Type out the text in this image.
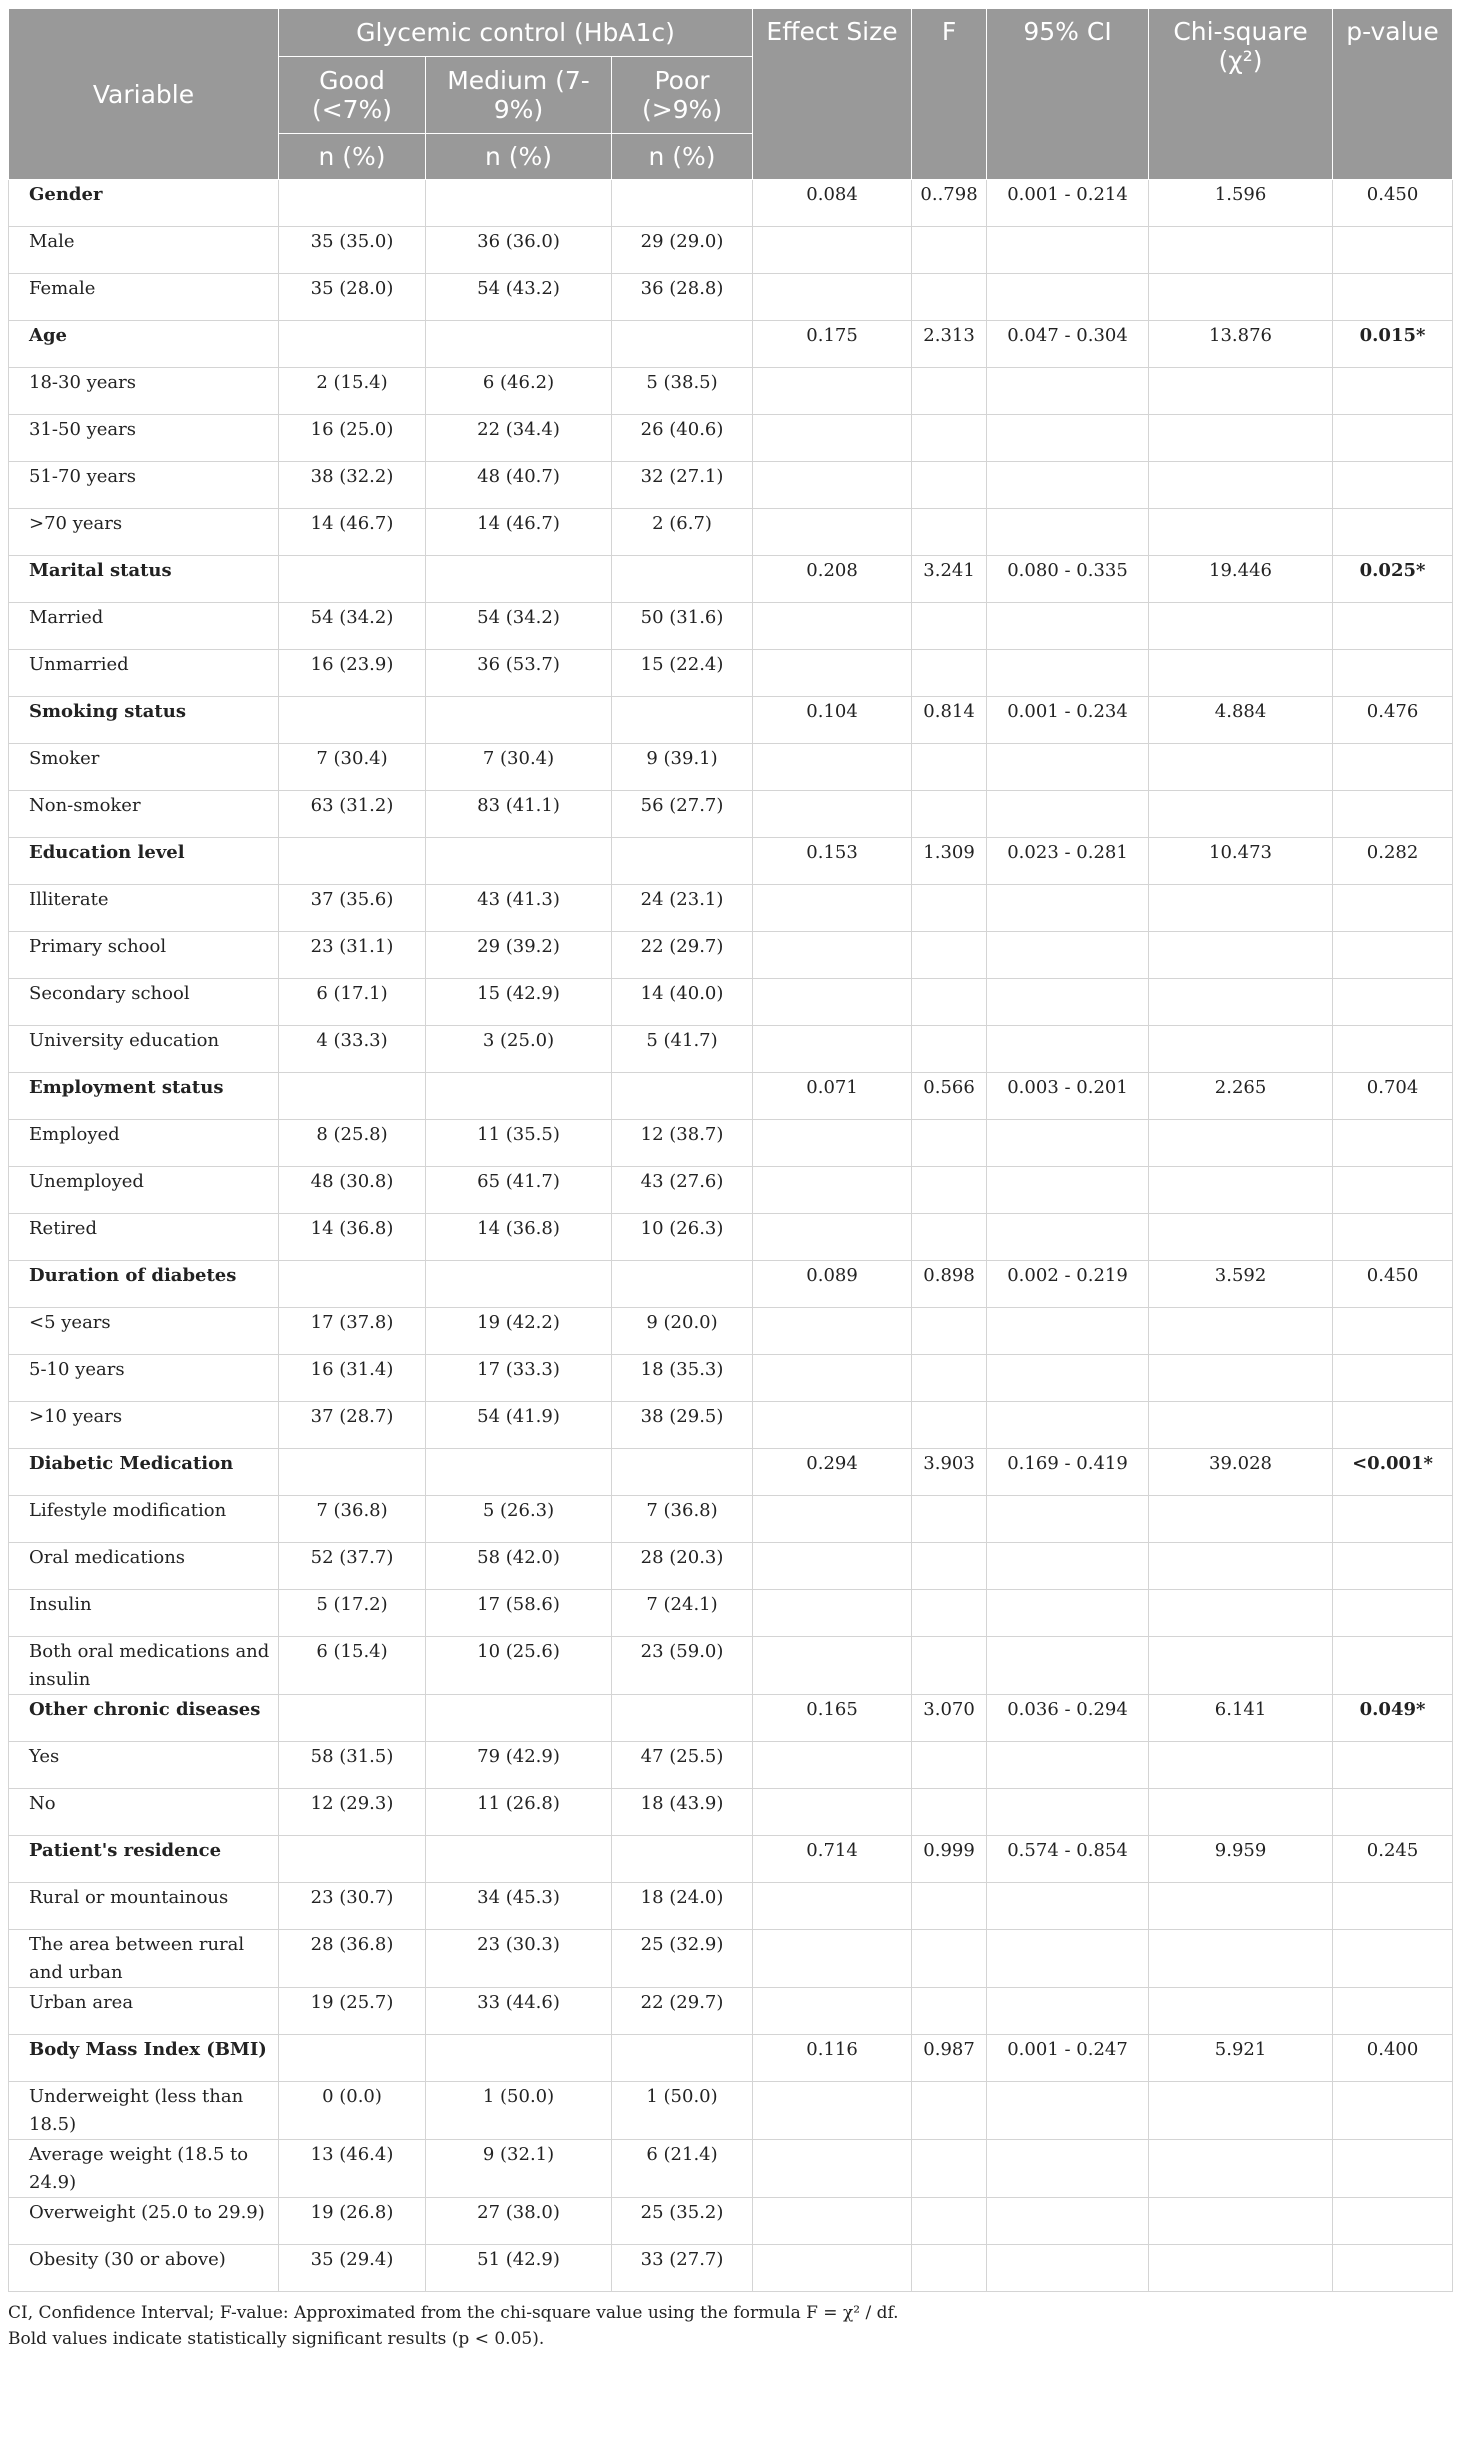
Variable	Glycemic control (HbA1c)			Effect Size	F	95% CI	Chi-square (χ²)	p-value
	Good (<7%)	Medium (7-9%)	Poor (>9%)					
	n (%)	n (%)	n (%)					
Gender				0.084	0..798	0.001 - 0.214	1.596	0.450
Male	35 (35.0)	36 (36.0)	29 (29.0)					
Female	35 (28.0)	54 (43.2)	36 (28.8)					
Age				0.175	2.313	0.047 - 0.304	13.876	0.015*
18-30 years	2 (15.4)	6 (46.2)	5 (38.5)					
31-50 years	16 (25.0)	22 (34.4)	26 (40.6)					
51-70 years	38 (32.2)	48 (40.7)	32 (27.1)					
>70 years	14 (46.7)	14 (46.7)	2 (6.7)					
Marital status				0.208	3.241	0.080 - 0.335	19.446	0.025*
Married	54 (34.2)	54 (34.2)	50 (31.6)					
Unmarried	16 (23.9)	36 (53.7)	15 (22.4)					
Smoking status				0.104	0.814	0.001 - 0.234	4.884	0.476
Smoker	7 (30.4)	7 (30.4)	9 (39.1)					
Non-smoker	63 (31.2)	83 (41.1)	56 (27.7)					
Education level				0.153	1.309	0.023 - 0.281	10.473	0.282
Illiterate	37 (35.6)	43 (41.3)	24 (23.1)					
Primary school	23 (31.1)	29 (39.2)	22 (29.7)					
Secondary school	6 (17.1)	15 (42.9)	14 (40.0)					
University education	4 (33.3)	3 (25.0)	5 (41.7)					
Employment status				0.071	0.566	0.003 - 0.201	2.265	0.704
Employed	8 (25.8)	11 (35.5)	12 (38.7)					
Unemployed	48 (30.8)	65 (41.7)	43 (27.6)					
Retired	14 (36.8)	14 (36.8)	10 (26.3)					
Duration of diabetes				0.089	0.898	0.002 - 0.219	3.592	0.450
<5 years	17 (37.8)	19 (42.2)	9 (20.0)					
5-10 years	16 (31.4)	17 (33.3)	18 (35.3)					
>10 years	37 (28.7)	54 (41.9)	38 (29.5)					
Diabetic Medication				0.294	3.903	0.169 - 0.419	39.028	<0.001*
Lifestyle modification	7 (36.8)	5 (26.3)	7 (36.8)					
Oral medications	52 (37.7)	58 (42.0)	28 (20.3)					
Insulin	5 (17.2)	17 (58.6)	7 (24.1)					
Both oral medications and insulin	6 (15.4)	10 (25.6)	23 (59.0)					
Other chronic diseases				0.165	3.070	0.036 - 0.294	6.141	0.049*
Yes	58 (31.5)	79 (42.9)	47 (25.5)					
No	12 (29.3)	11 (26.8)	18 (43.9)					
Patient's residence				0.714	0.999	0.574 - 0.854	9.959	0.245
Rural or mountainous	23 (30.7)	34 (45.3)	18 (24.0)					
The area between rural and urban	28 (36.8)	23 (30.3)	25 (32.9)					
Urban area	19 (25.7)	33 (44.6)	22 (29.7)					
Body Mass Index (BMI)				0.116	0.987	0.001 - 0.247	5.921	0.400
Underweight (less than 18.5)	0 (0.0)	1 (50.0)	1 (50.0)					
Average weight (18.5 to 24.9)	13 (46.4)	9 (32.1)	6 (21.4)					
Overweight (25.0 to 29.9)	19 (26.8)	27 (38.0)	25 (35.2)					
Obesity (30 or above)	35 (29.4)	51 (42.9)	33 (27.7)					
CI, Confidence Interval; F-value: Approximated from the chi-square value using the formula F = χ² / df.
Bold values indicate statistically significant results (p < 0.05).
